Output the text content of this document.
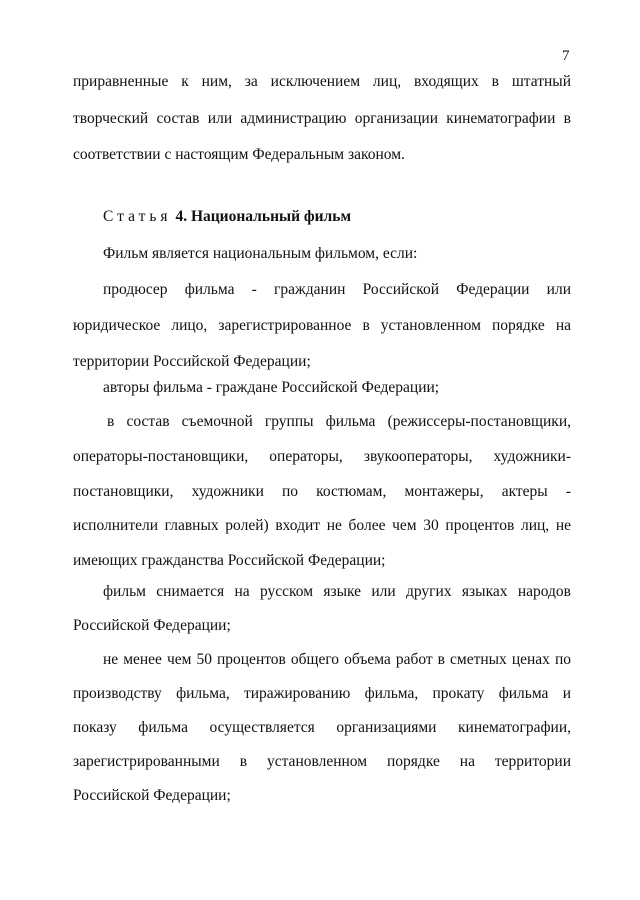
7
приравненные к ним, за исключением лиц, входящих в штатный
творческий состав или администрацию организации кинематографии в
соответствии с настоящим Федеральным законом.
Статья 4. Национальный фильм
Фильм является национальным фильмом, если:
продюсер фильма - гражданин Российской Федерации или
юридическое лицо, зарегистрированное в установленном порядке на
территории Российской Федерации;
авторы фильма - граждане Российской Федерации;
в состав съемочной группы фильма (режиссеры-постановщики,
операторы-постановщики, операторы, звукооператоры, художники-
постановщики, художники по костюмам, монтажеры, актеры -
исполнители главных ролей) входит не более чем 30 процентов лиц, не
имеющих гражданства Российской Федерации;
фильм снимается на русском языке или других языках народов
Российской Федерации;
не менее чем 50 процентов общего объема работ в сметных ценах по
производству фильма, тиражированию фильма, прокату фильма и
показу фильма осуществляется организациями кинематографии,
зарегистрированными в установленном порядке на территории
Российской Федерации;
